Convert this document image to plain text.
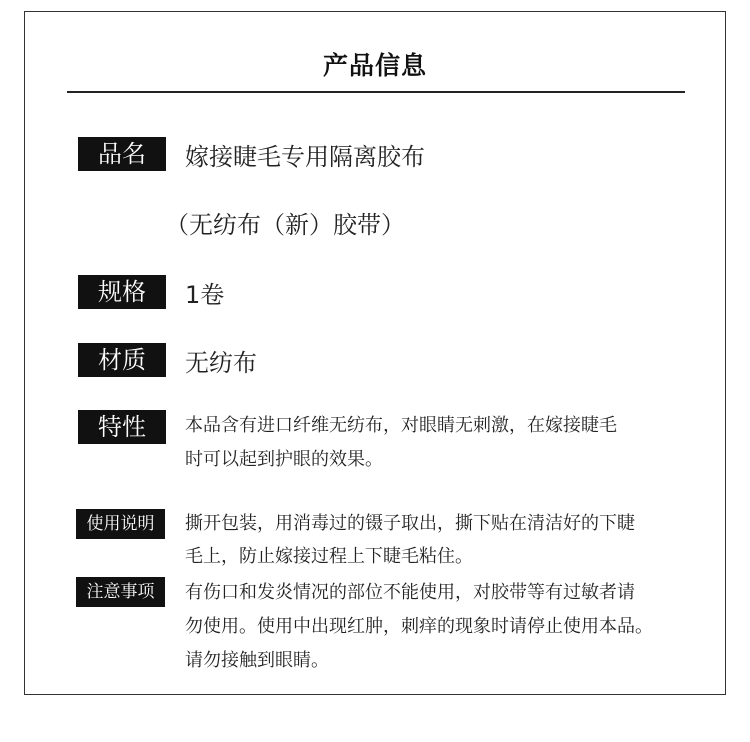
产品信息
品名	嫁接睫毛专用隔离胶布
（无纺布（新）胶带）
规格	1卷
材质	无纺布
特性	本品含有进口纤维无纺布，对眼睛无刺激，在嫁接睫毛
时可以起到护眼的效果。
使用说明	撕开包装，用消毒过的镊子取出，撕下贴在清洁好的下睫
毛上，防止嫁接过程上下睫毛粘住。
注意事项	有伤口和发炎情况的部位不能使用，对胶带等有过敏者请
勿使用。使用中出现红肿，刺痒的现象时请停止使用本品。
请勿接触到眼睛。
